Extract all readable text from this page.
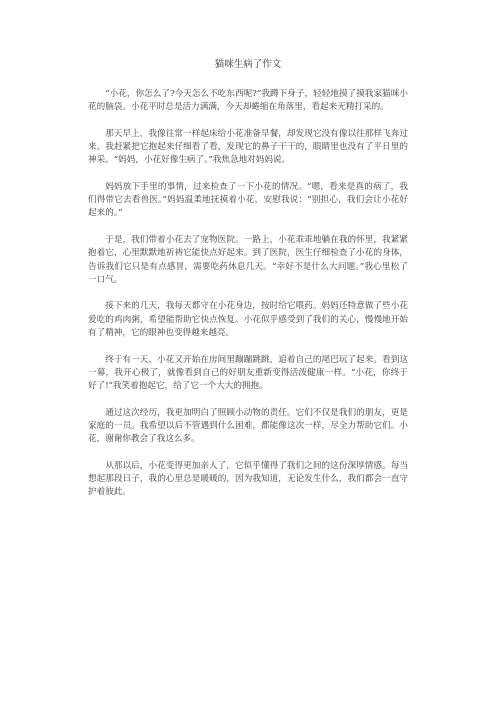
猫咪生病了作文

“小花，你怎么了?今天怎么不吃东西呢?”我蹲下身子，轻轻地摸了摸我家猫咪小花的脑袋。小花平时总是活力满满，今天却蜷缩在角落里，看起来无精打采的。

那天早上，我像往常一样起床给小花准备早餐，却发现它没有像以往那样飞奔过来。我赶紧把它抱起来仔细看了看，发现它的鼻子干干的，眼睛里也没有了平日里的神采。“妈妈，小花好像生病了。”我焦急地对妈妈说。

妈妈放下手里的事情，过来检查了一下小花的情况。“嗯，看来是真的病了，我们得带它去看兽医。”妈妈温柔地抚摸着小花，安慰我说：“别担心，我们会让小花好起来的。”

于是，我们带着小花去了宠物医院。一路上，小花乖乖地躺在我的怀里，我紧紧抱着它，心里默默地祈祷它能快点好起来。到了医院，医生仔细检查了小花的身体，告诉我们它只是有点感冒，需要吃药休息几天。“幸好不是什么大问题。”我心里松了一口气。

接下来的几天，我每天都守在小花身边，按时给它喂药。妈妈还特意做了些小花爱吃的鸡肉粥，希望能帮助它快点恢复。小花似乎感受到了我们的关心，慢慢地开始有了精神，它的眼神也变得越来越亮。

终于有一天，小花又开始在房间里蹦蹦跳跳，追着自己的尾巴玩了起来。看到这一幕，我开心极了，就像看到自己的好朋友重新变得活泼健康一样。“小花，你终于好了!”我笑着抱起它，给了它一个大大的拥抱。

通过这次经历，我更加明白了照顾小动物的责任。它们不仅是我们的朋友，更是家庭的一员。我希望以后不管遇到什么困难，都能像这次一样，尽全力帮助它们。小花，谢谢你教会了我这么多。

从那以后，小花变得更加亲人了，它似乎懂得了我们之间的这份深厚情感。每当想起那段日子，我的心里总是暖暖的，因为我知道，无论发生什么，我们都会一直守护着彼此。
